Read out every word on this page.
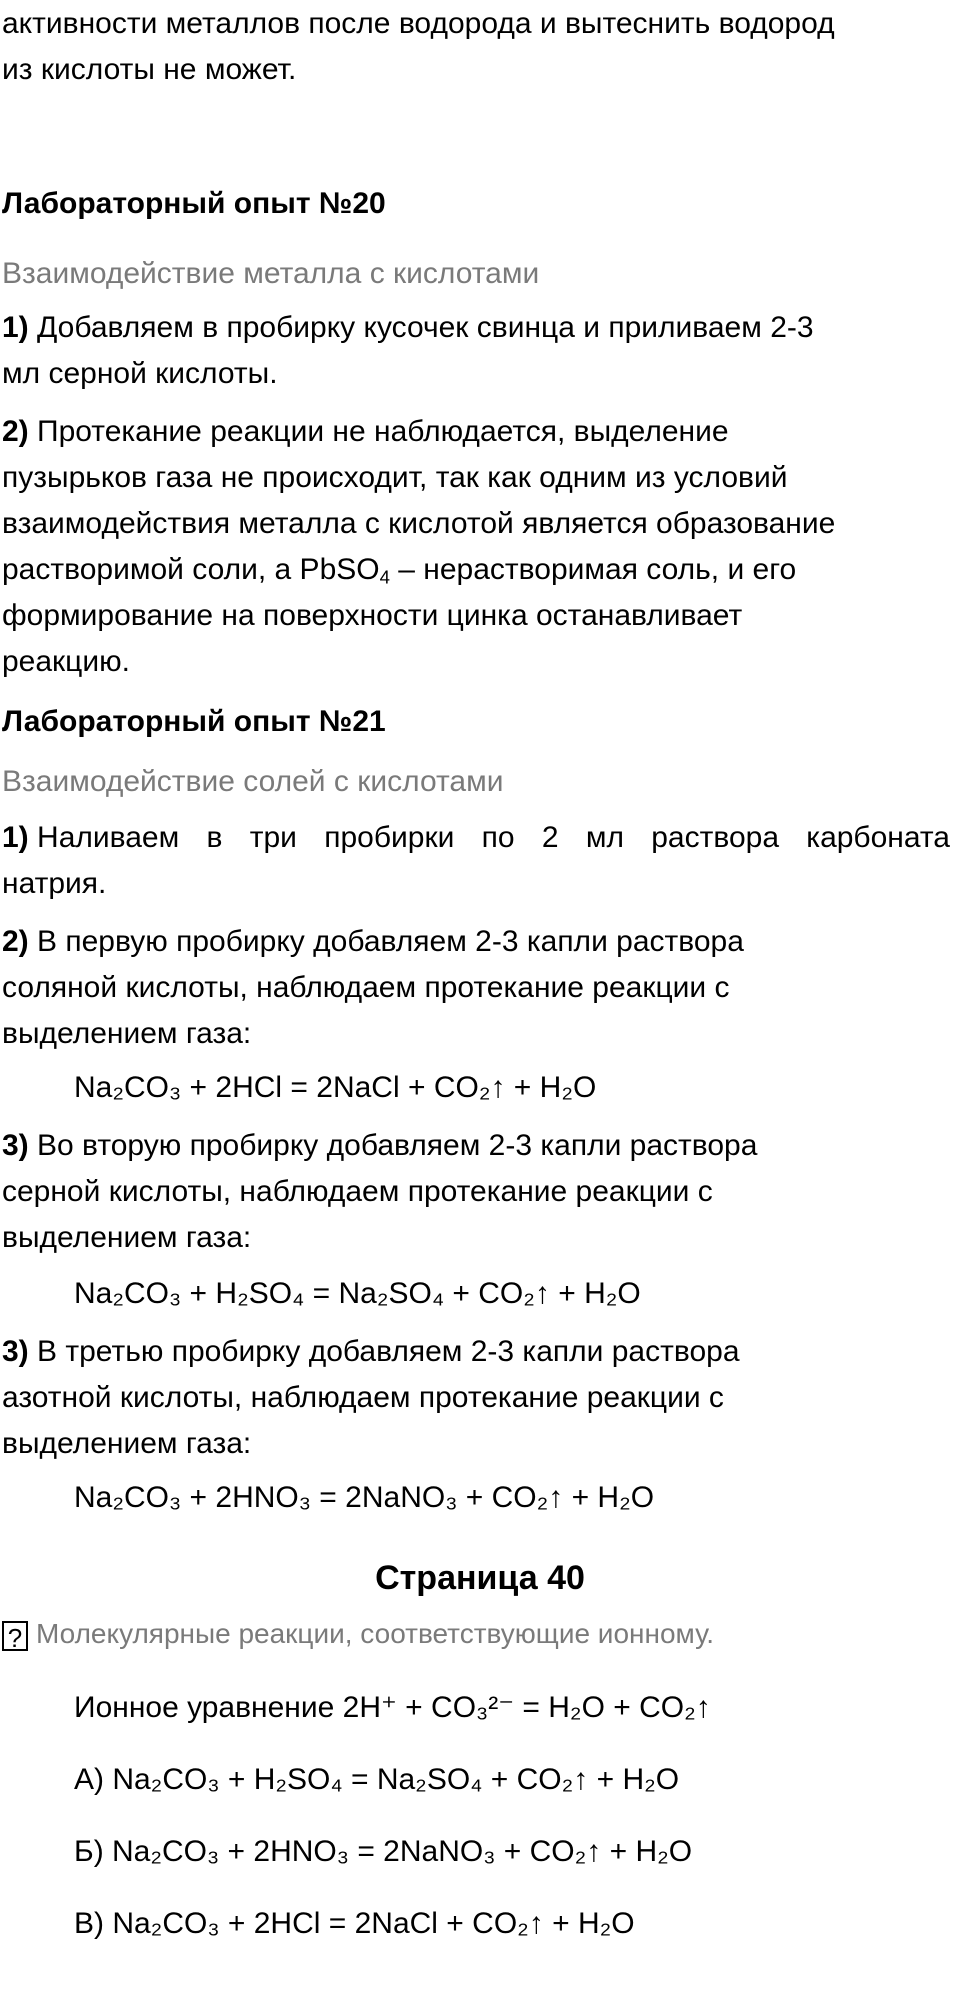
активности металлов после водорода и вытеснить водород

из кислоты не может.

Лабораторный опыт №20

Взаимодействие металла с кислотами

1) Добавляем в пробирку кусочек свинца и приливаем 2-3

мл серной кислоты.

2) Протекание реакции не наблюдается, выделение

пузырьков газа не происходит, так как одним из условий

взаимодействия металла с кислотой является образование

растворимой соли, а PbSO$_4$ – нерастворимая соль, и его

формирование на поверхности цинка останавливает

реакцию.

Лабораторный опыт №21

Взаимодействие солей с кислотами

1) Наливаем в три пробирки по 2 мл раствора карбоната

натрия.

2) В первую пробирку добавляем 2-3 капли раствора

соляной кислоты, наблюдаем протекание реакции с

выделением газа:

Na₂CO₃ + 2HCl = 2NaCl + CO₂↑ + H₂O

3) Во вторую пробирку добавляем 2-3 капли раствора

серной кислоты, наблюдаем протекание реакции с

выделением газа:

Na₂CO₃ + H₂SO₄ = Na₂SO₄ + CO₂↑ + H₂O

3) В третью пробирку добавляем 2-3 капли раствора

азотной кислоты, наблюдаем протекание реакции с

выделением газа:

Na₂CO₃ + 2HNO₃ = 2NaNO₃ + CO₂↑ + H₂O

Страница 40

? Молекулярные реакции, соответствующие ионному.

Ионное уравнение 2H⁺ + CO₃²⁻ = H₂O + CO₂↑

А) Na₂CO₃ + H₂SO₄ = Na₂SO₄ + CO₂↑ + H₂O

Б) Na₂CO₃ + 2HNO₃ = 2NaNO₃ + CO₂↑ + H₂O

В) Na₂CO₃ + 2HCl = 2NaCl + CO₂↑ + H₂O
